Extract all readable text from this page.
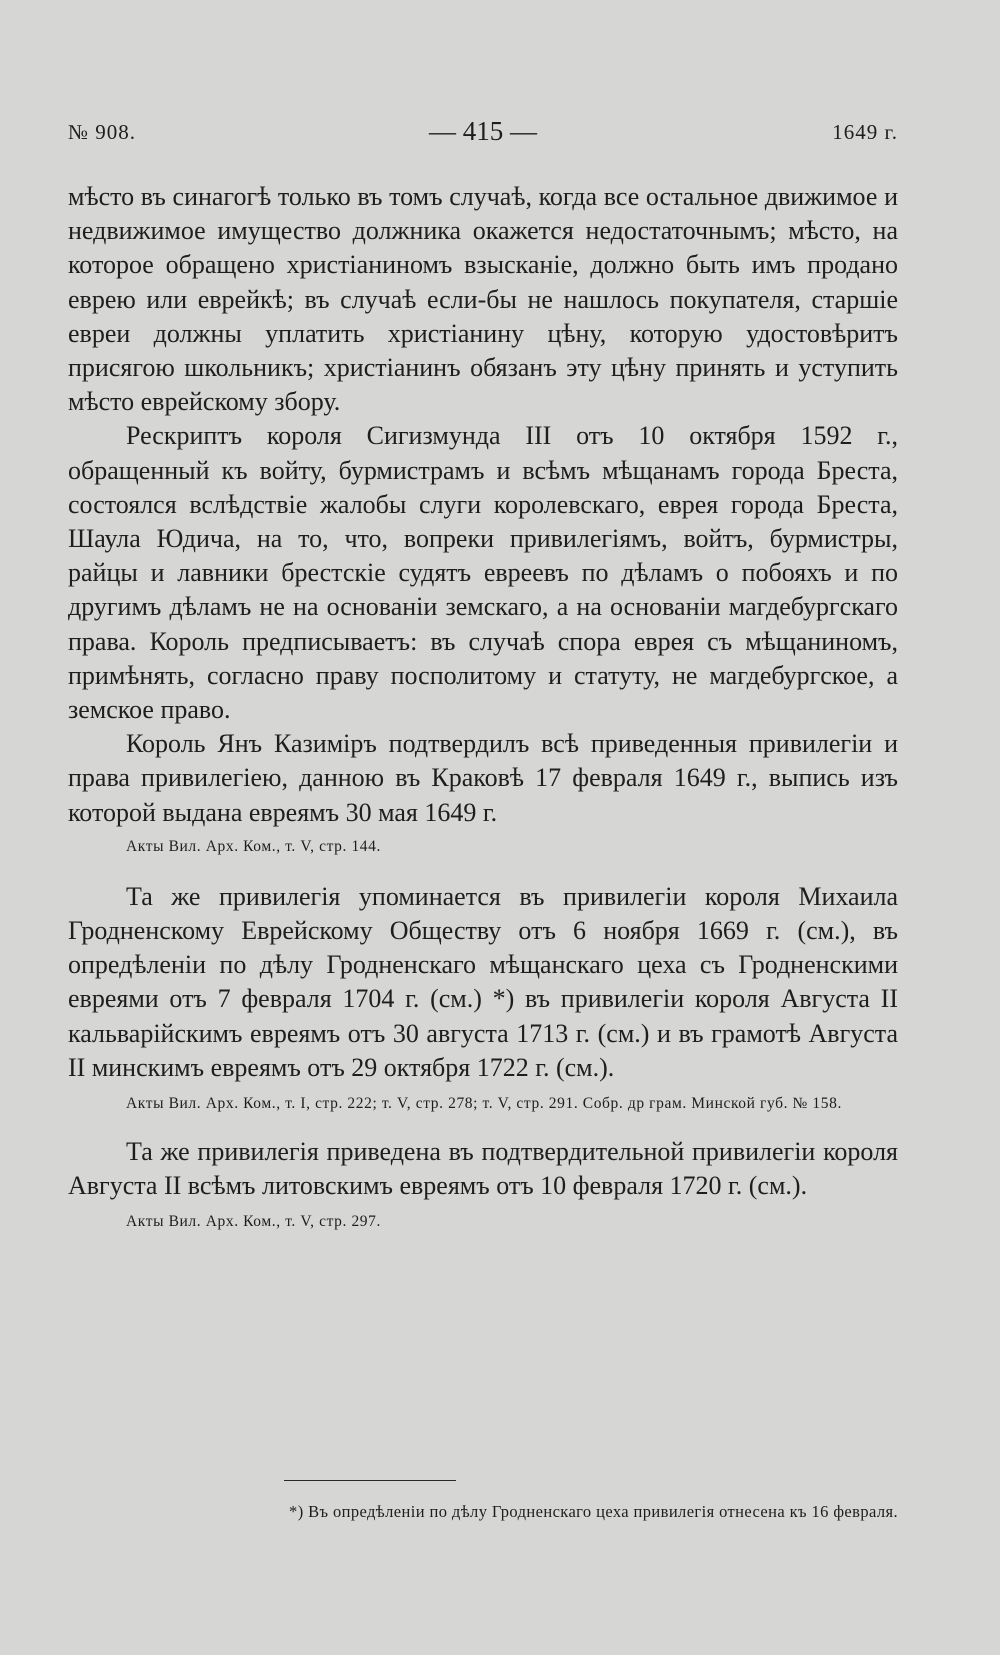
№ 908.	— 415 —	1649 г.

мѣсто въ синагогѣ только въ томъ случаѣ, когда все остальное движимое и недвижимое имущество должника окажется недостаточнымъ; мѣсто, на которое обращено христіаниномъ взысканіе, должно быть имъ продано еврею или еврейкѣ; въ случаѣ если-бы не нашлось покупателя, старшіе евреи должны уплатить христіанину цѣну, которую удостовѣритъ присягою школьникъ; христіанинъ обязанъ эту цѣну принять и уступить мѣсто еврейскому збору.

Рескриптъ короля Сигизмунда III отъ 10 октября 1592 г., обращенный къ войту, бурмистрамъ и всѣмъ мѣщанамъ города Бреста, состоялся вслѣдствіе жалобы слуги королевскаго, еврея города Бреста, Шаула Юдича, на то, что, вопреки привилегіямъ, войтъ, бурмистры, райцы и лавники брестскіе судятъ евреевъ по дѣламъ о побояхъ и по другимъ дѣламъ не на основаніи земскаго, а на основаніи магдебургскаго права. Король предписываетъ: въ случаѣ спора еврея съ мѣщаниномъ, примѣнять, согласно праву посполитому и статуту, не магдебургское, а земское право.

Король Янъ Казиміръ подтвердилъ всѣ приведенныя привилегіи и права привилегіею, данною въ Краковѣ 17 февраля 1649 г., выпись изъ которой выдана евреямъ 30 мая 1649 г.

Акты Вил. Арх. Ком., т. V, стр. 144.

Та же привилегія упоминается въ привилегіи короля Михаила Гродненскому Еврейскому Обществу отъ 6 ноября 1669 г. (см.), въ опредѣленіи по дѣлу Гродненскаго мѣщанскаго цеха съ Гродненскими евреями отъ 7 февраля 1704 г. (см.) *) въ привилегіи короля Августа II кальварійскимъ евреямъ отъ 30 августа 1713 г. (см.) и въ грамотѣ Августа II минскимъ евреямъ отъ 29 октября 1722 г. (см.).

Акты Вил. Арх. Ком., т. I, стр. 222; т. V, стр. 278; т. V, стр. 291. Собр. др грам. Минской губ. № 158.

Та же привилегія приведена въ подтвердительной привилегіи короля Августа II всѣмъ литовскимъ евреямъ отъ 10 февраля 1720 г. (см.).

Акты Вил. Арх. Ком., т. V, стр. 297.

*) Въ опредѣленіи по дѣлу Гродненскаго цеха привилегія отнесена къ 16 февраля.
